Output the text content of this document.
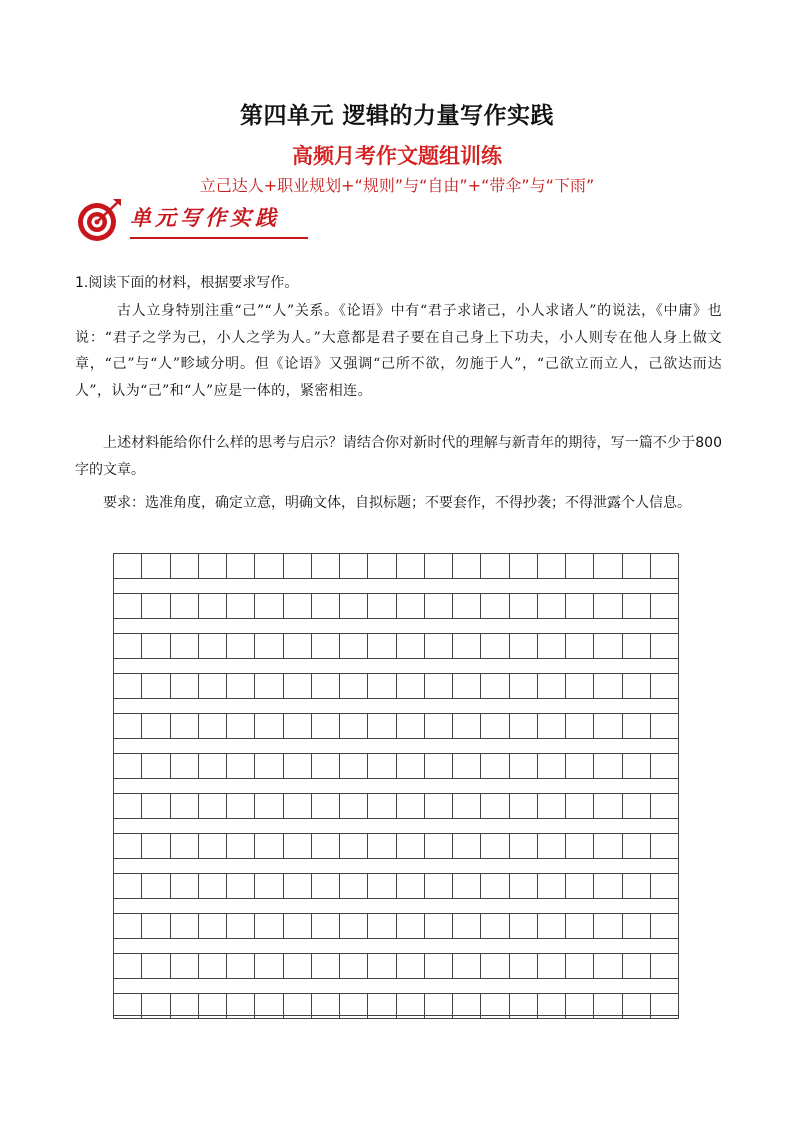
第四单元 逻辑的力量写作实践
高频月考作文题组训练
立己达人+职业规划+“规则”与“自由”+“带伞”与“下雨”
单元写作实践
1.阅读下面的材料，根据要求写作。
古人立身特别注重“己”“人”关系。《论语》中有“君子求诸己，小人求诸人”的说法，《中庸》也说：“君子之学为己，小人之学为人。”大意都是君子要在自己身上下功夫，小人则专在他人身上做文章，“己”与“人”畛域分明。但《论语》又强调“己所不欲，勿施于人”，“己欲立而立人，己欲达而达人”，认为“己”和“人”应是一体的，紧密相连。
上述材料能给你什么样的思考与启示？请结合你对新时代的理解与新青年的期待，写一篇不少于800字的文章。
要求：选准角度，确定立意，明确文体，自拟标题；不要套作，不得抄袭；不得泄露个人信息。
